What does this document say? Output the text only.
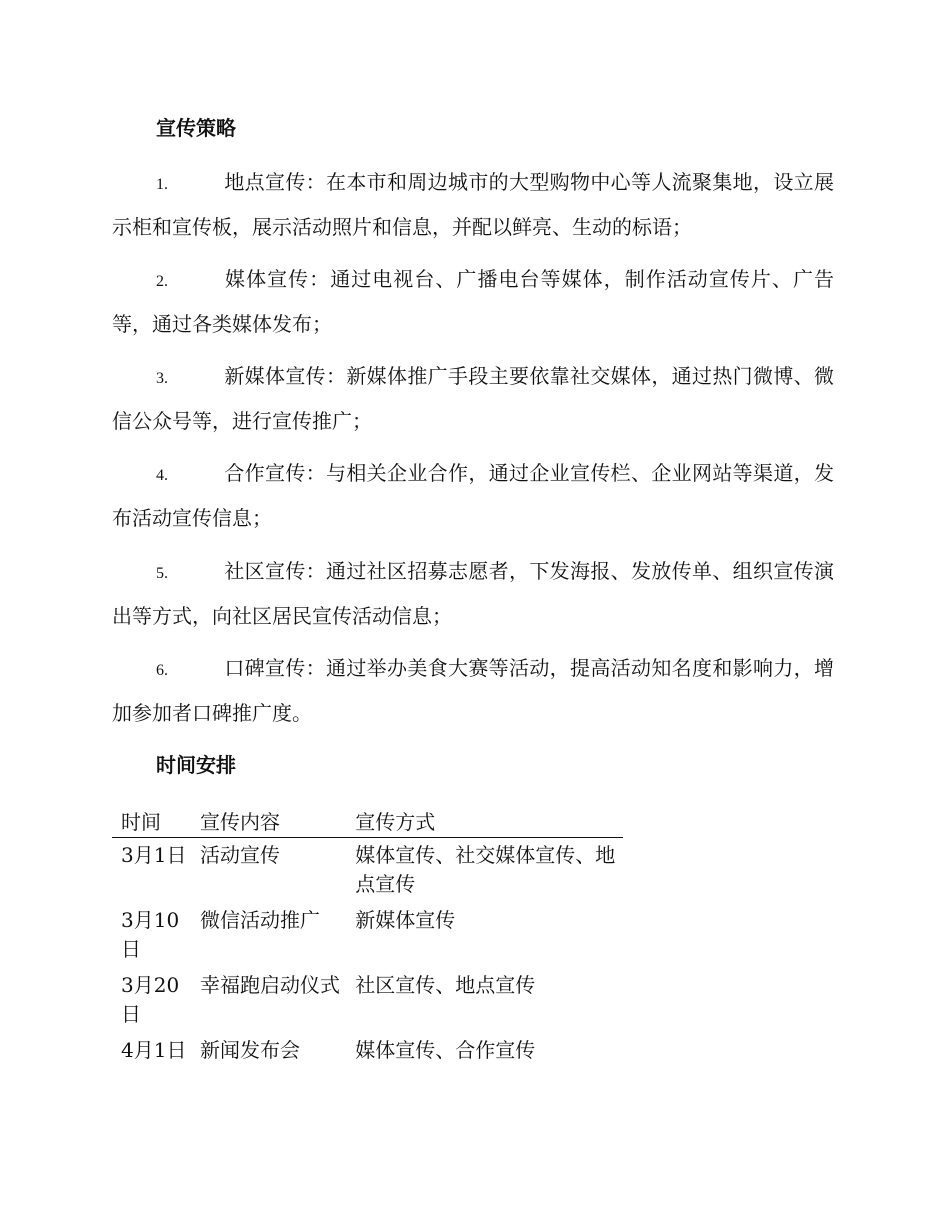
宣传策略
1.	地点宣传：在本市和周边城市的大型购物中心等人流聚集地，设立展示柜和宣传板，展示活动照片和信息，并配以鲜亮、生动的标语；
2.	媒体宣传：通过电视台、广播电台等媒体，制作活动宣传片、广告等，通过各类媒体发布；
3.	新媒体宣传：新媒体推广手段主要依靠社交媒体，通过热门微博、微信公众号等，进行宣传推广；
4.	合作宣传：与相关企业合作，通过企业宣传栏、企业网站等渠道，发布活动宣传信息；
5.	社区宣传：通过社区招募志愿者，下发海报、发放传单、组织宣传演出等方式，向社区居民宣传活动信息；
6.	口碑宣传：通过举办美食大赛等活动，提高活动知名度和影响力，增加参加者口碑推广度。
时间安排
时间	宣传内容	宣传方式
3月1日	活动宣传	媒体宣传、社交媒体宣传、地点宣传
3月10日	微信活动推广	新媒体宣传
3月20日	幸福跑启动仪式	社区宣传、地点宣传
4月1日	新闻发布会	媒体宣传、合作宣传
